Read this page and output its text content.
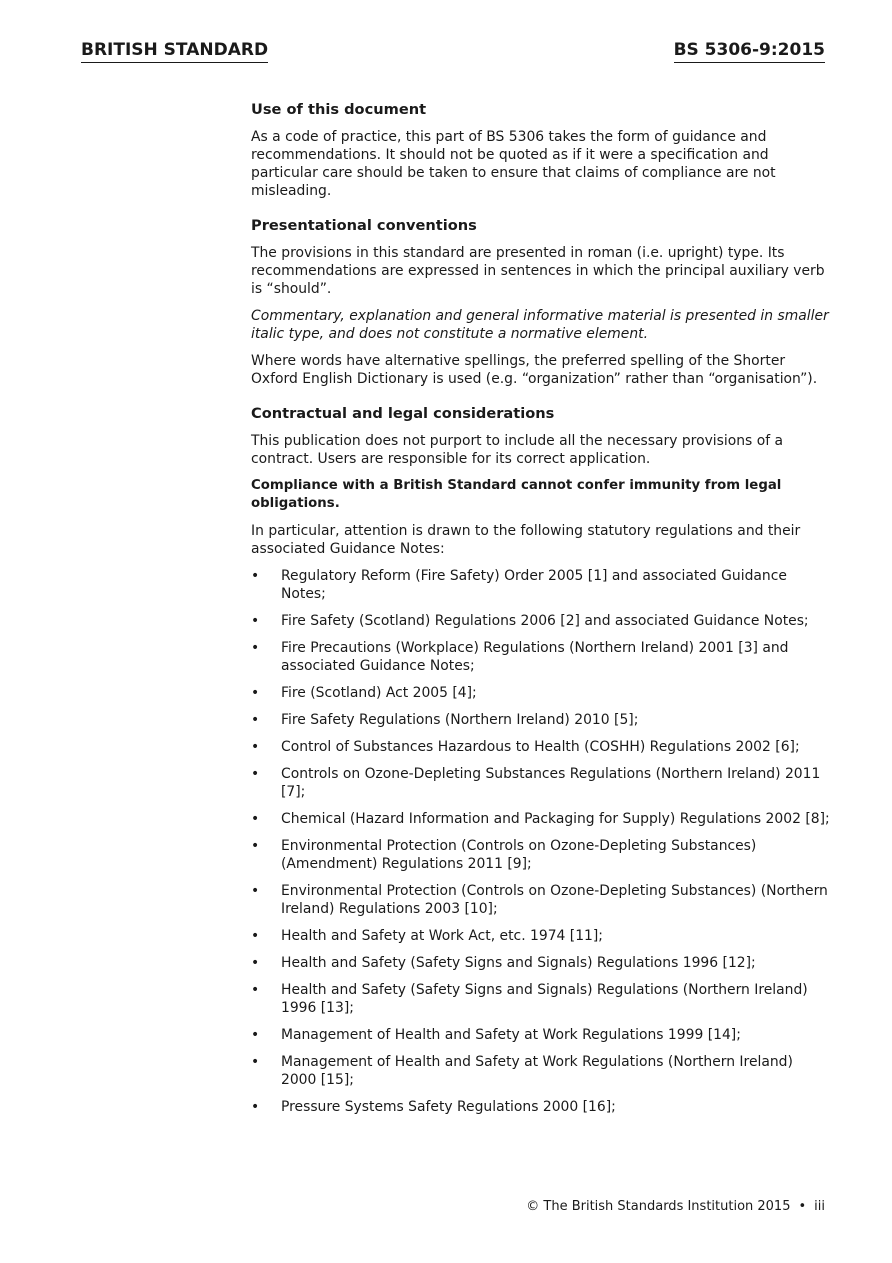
BRITISH STANDARD	BS 5306-9:2015
Use of this document

As a code of practice, this part of BS 5306 takes the form of guidance and recommendations. It should not be quoted as if it were a specification and particular care should be taken to ensure that claims of compliance are not misleading.

Presentational conventions

The provisions in this standard are presented in roman (i.e. upright) type. Its recommendations are expressed in sentences in which the principal auxiliary verb is “should”.

Commentary, explanation and general informative material is presented in smaller italic type, and does not constitute a normative element.

Where words have alternative spellings, the preferred spelling of the Shorter Oxford English Dictionary is used (e.g. “organization” rather than “organisation”).

Contractual and legal considerations

This publication does not purport to include all the necessary provisions of a contract. Users are responsible for its correct application.

Compliance with a British Standard cannot confer immunity from legal obligations.

In particular, attention is drawn to the following statutory regulations and their associated Guidance Notes:

• Regulatory Reform (Fire Safety) Order 2005 [1] and associated Guidance Notes;
• Fire Safety (Scotland) Regulations 2006 [2] and associated Guidance Notes;
• Fire Precautions (Workplace) Regulations (Northern Ireland) 2001 [3] and associated Guidance Notes;
• Fire (Scotland) Act 2005 [4];
• Fire Safety Regulations (Northern Ireland) 2010 [5];
• Control of Substances Hazardous to Health (COSHH) Regulations 2002 [6];
• Controls on Ozone-Depleting Substances Regulations (Northern Ireland) 2011 [7];
• Chemical (Hazard Information and Packaging for Supply) Regulations 2002 [8];
• Environmental Protection (Controls on Ozone-Depleting Substances) (Amendment) Regulations 2011 [9];
• Environmental Protection (Controls on Ozone-Depleting Substances) (Northern Ireland) Regulations 2003 [10];
• Health and Safety at Work Act, etc. 1974 [11];
• Health and Safety (Safety Signs and Signals) Regulations 1996 [12];
• Health and Safety (Safety Signs and Signals) Regulations (Northern Ireland) 1996 [13];
• Management of Health and Safety at Work Regulations 1999 [14];
• Management of Health and Safety at Work Regulations (Northern Ireland) 2000 [15];
• Pressure Systems Safety Regulations 2000 [16];
© The British Standards Institution 2015 • iii
